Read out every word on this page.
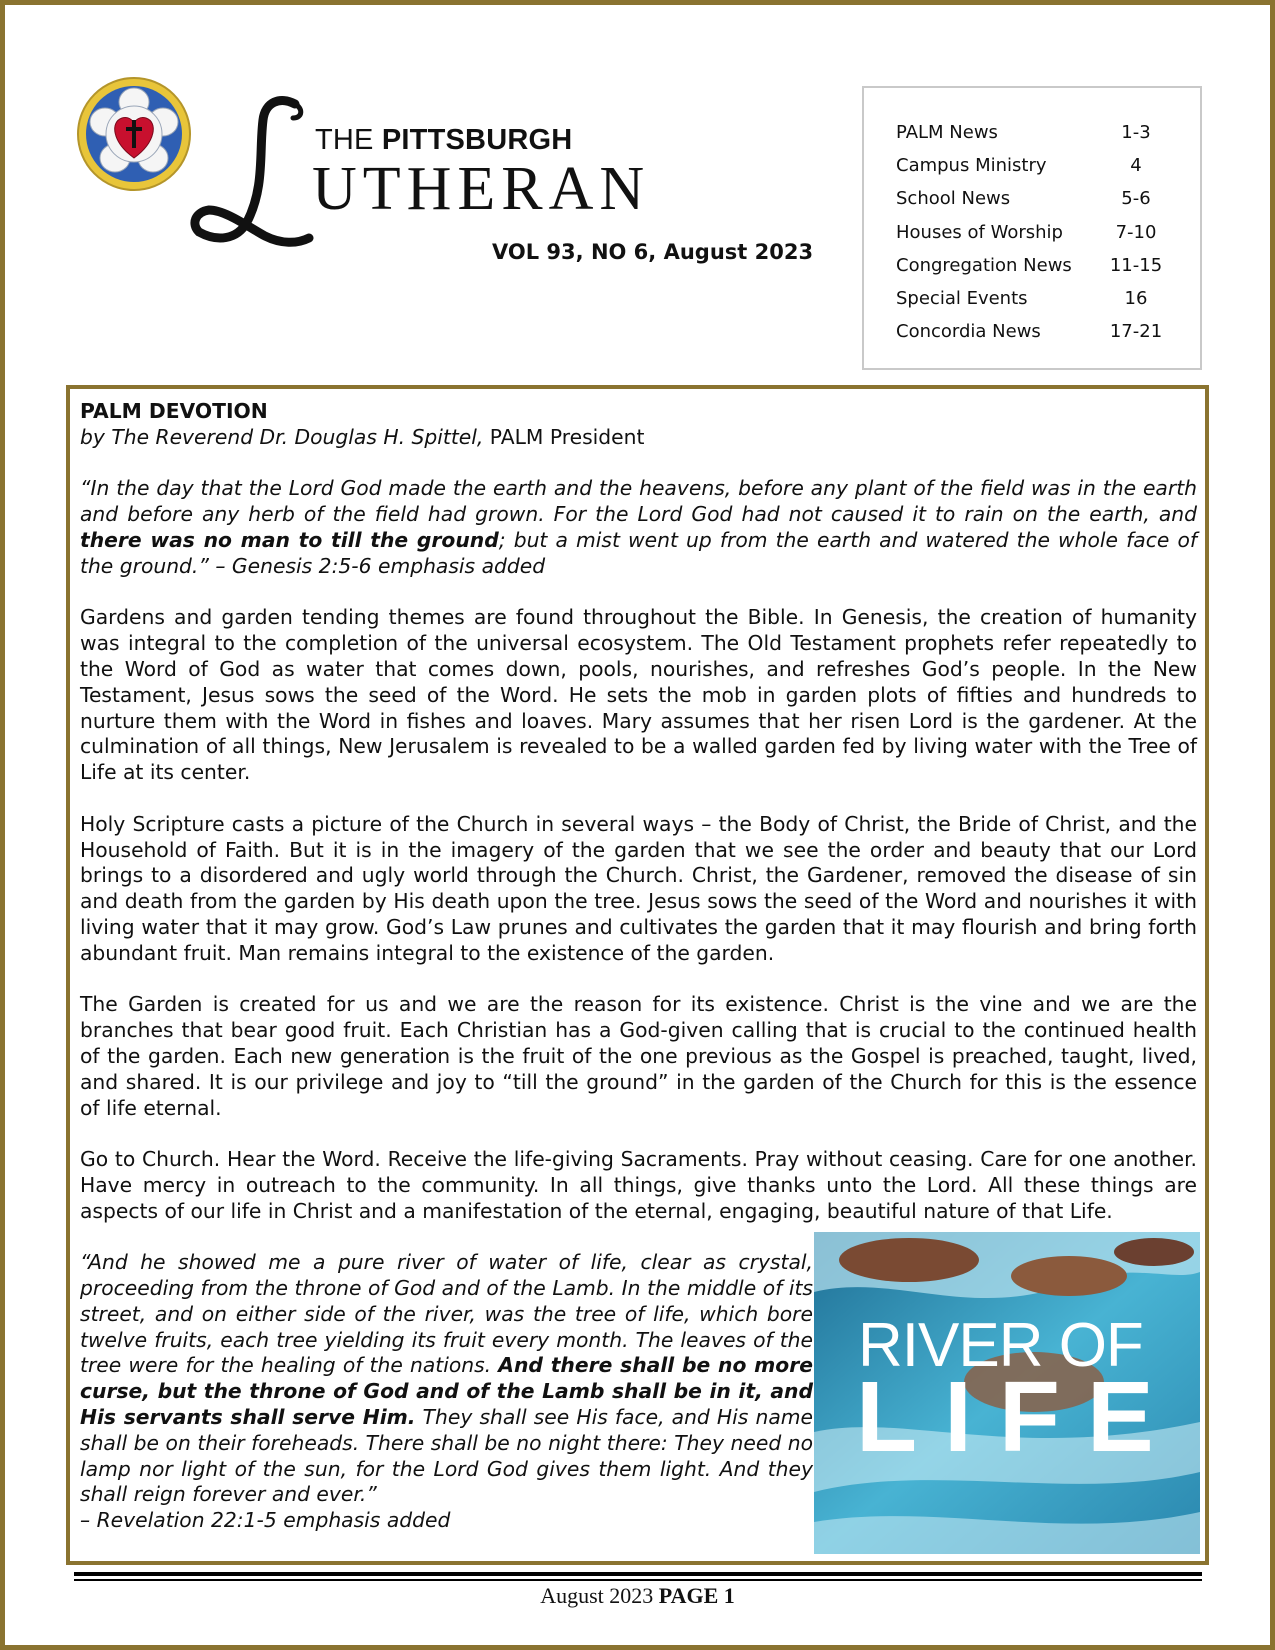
THE PITTSBURGH
UTHERAN
VOL 93, NO 6, August 2023
PALM News	1-3
Campus Ministry	4
School News	5-6
Houses of Worship	7-10
Congregation News	11-15
Special Events	16
Concordia News	17-21
PALM DEVOTION
by The Reverend Dr. Douglas H. Spittel, PALM President
“In the day that the Lord God made the earth and the heavens, before any plant of the field was in the earth and before any herb of the field had grown. For the Lord God had not caused it to rain on the earth, and there was no man to till the ground; but a mist went up from the earth and watered the whole face of the ground.” – Genesis 2:5-6 emphasis added
Gardens and garden tending themes are found throughout the Bible. In Genesis, the creation of humanity was integral to the completion of the universal ecosystem. The Old Testament prophets refer repeatedly to the Word of God as water that comes down, pools, nourishes, and refreshes God’s people. In the New Testament, Jesus sows the seed of the Word. He sets the mob in garden plots of fifties and hundreds to nurture them with the Word in fishes and loaves. Mary assumes that her risen Lord is the gardener. At the culmination of all things, New Jerusalem is revealed to be a walled garden fed by living water with the Tree of Life at its center.
Holy Scripture casts a picture of the Church in several ways – the Body of Christ, the Bride of Christ, and the Household of Faith. But it is in the imagery of the garden that we see the order and beauty that our Lord brings to a disordered and ugly world through the Church. Christ, the Gardener, removed the disease of sin and death from the garden by His death upon the tree. Jesus sows the seed of the Word and nourishes it with living water that it may grow. God’s Law prunes and cultivates the garden that it may flourish and bring forth abundant fruit. Man remains integral to the existence of the garden.
The Garden is created for us and we are the reason for its existence. Christ is the vine and we are the branches that bear good fruit. Each Christian has a God-given calling that is crucial to the continued health of the garden. Each new generation is the fruit of the one previous as the Gospel is preached, taught, lived, and shared. It is our privilege and joy to “till the ground” in the garden of the Church for this is the essence of life eternal.
Go to Church. Hear the Word. Receive the life-giving Sacraments. Pray without ceasing. Care for one another. Have mercy in outreach to the community. In all things, give thanks unto the Lord. All these things are aspects of our life in Christ and a manifestation of the eternal, engaging, beautiful nature of that Life.
“And he showed me a pure river of water of life, clear as crystal, proceeding from the throne of God and of the Lamb. In the middle of its street, and on either side of the river, was the tree of life, which bore twelve fruits, each tree yielding its fruit every month. The leaves of the tree were for the healing of the nations. And there shall be no more curse, but the throne of God and of the Lamb shall be in it, and His servants shall serve Him. They shall see His face, and His name shall be on their foreheads. There shall be no night there: They need no lamp nor light of the sun, for the Lord God gives them light. And they shall reign forever and ever.”
– Revelation 22:1-5 emphasis added
RIVER OF
LIFE
August 2023 PAGE 1
